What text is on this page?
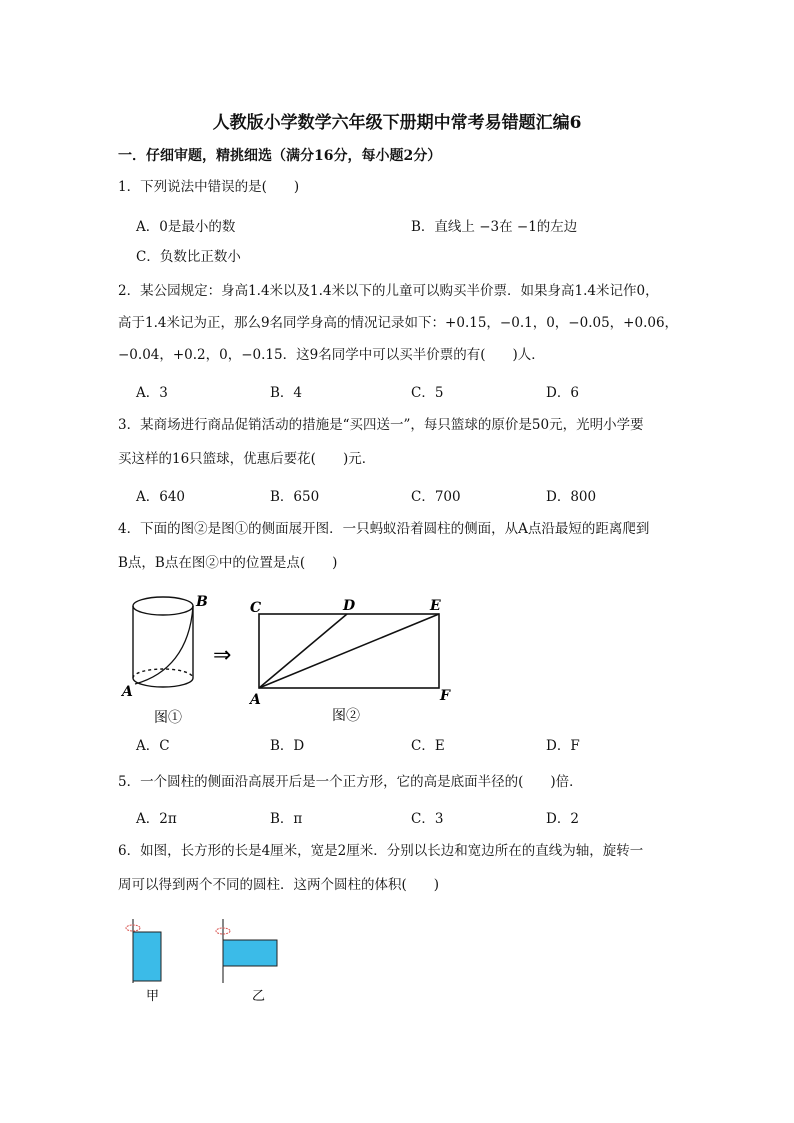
人教版小学数学六年级下册期中常考易错题汇编6
一．仔细审题，精挑细选（满分16分，每小题2分）
1．下列说法中错误的是(　　)
A．0是最小的数	B．直线上 −3在 −1的左边
C．负数比正数小
2．某公园规定：身高1.4米以及1.4米以下的儿童可以购买半价票．如果身高1.4米记作0，
高于1.4米记为正，那么9名同学身高的情况记录如下：+0.15，−0.1，0，−0.05，+0.06，
−0.04，+0.2，0，−0.15．这9名同学中可以买半价票的有(　　)人．
A．3	B．4	C．5	D．6
3．某商场进行商品促销活动的措施是“买四送一”，每只篮球的原价是50元，光明小学要
买这样的16只篮球，优惠后要花(　　)元．
A．640	B．650	C．700	D．800
4．下面的图②是图①的侧面展开图．一只蚂蚁沿着圆柱的侧面，从A点沿最短的距离爬到
B点，B点在图②中的位置是点(　　)
B
A
图①
⇒
C	D	E
A	F
图②
A．C	B．D	C．E	D．F
5．一个圆柱的侧面沿高展开后是一个正方形，它的高是底面半径的(　　)倍．
A．2π	B．π	C．3	D．2
6．如图，长方形的长是4厘米，宽是2厘米．分别以长边和宽边所在的直线为轴，旋转一
周可以得到两个不同的圆柱．这两个圆柱的体积(　　)
甲	乙
